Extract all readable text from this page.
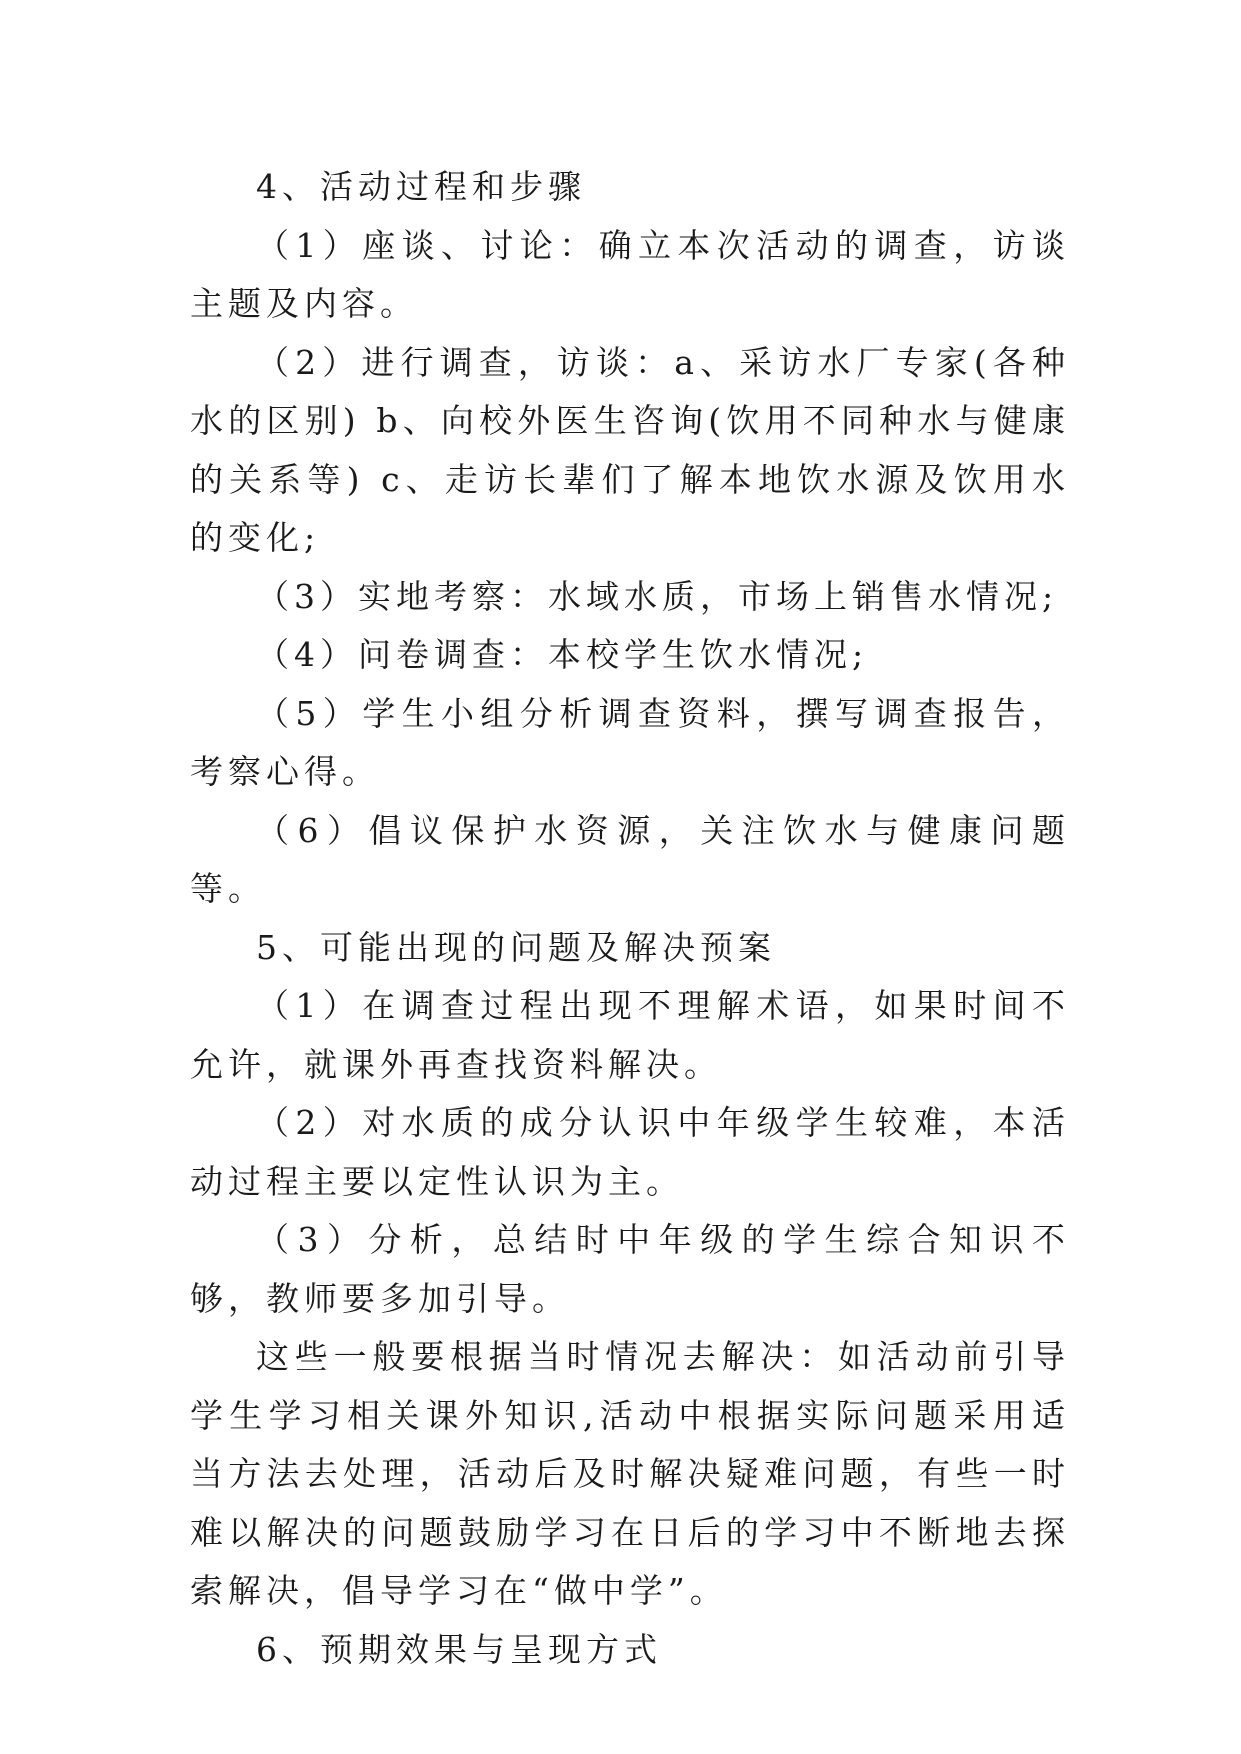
4、活动过程和步骤

（1）座谈、讨论：确立本次活动的调查，访谈主题及内容。

（2）进行调查，访谈：a、采访水厂专家(各种水的区别) b、向校外医生咨询(饮用不同种水与健康的关系等) c、走访长辈们了解本地饮水源及饮用水的变化;

（3）实地考察：水域水质，市场上销售水情况;

（4）问卷调查：本校学生饮水情况;

（5）学生小组分析调查资料，撰写调查报告，考察心得。

（6）倡议保护水资源，关注饮水与健康问题等。

5、可能出现的问题及解决预案

（1）在调查过程出现不理解术语，如果时间不允许，就课外再查找资料解决。

（2）对水质的成分认识中年级学生较难，本活动过程主要以定性认识为主。

（3）分析，总结时中年级的学生综合知识不够，教师要多加引导。

这些一般要根据当时情况去解决：如活动前引导学生学习相关课外知识,活动中根据实际问题采用适当方法去处理，活动后及时解决疑难问题，有些一时难以解决的问题鼓励学习在日后的学习中不断地去探索解决，倡导学习在“做中学”。

6、预期效果与呈现方式
